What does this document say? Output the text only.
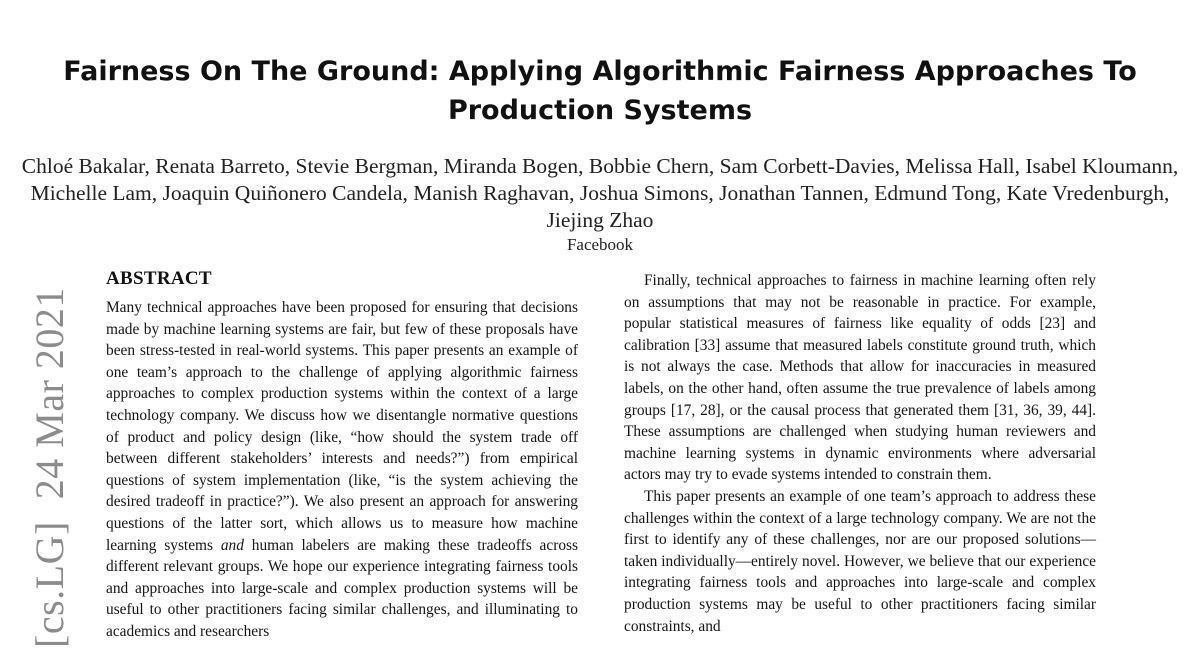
[cs.LG]24 Mar 2021
Fairness On The Ground: Applying Algorithmic Fairness Approaches To Production Systems

Chloé Bakalar, Renata Barreto, Stevie Bergman, Miranda Bogen, Bobbie Chern, Sam Corbett-Davies, Melissa Hall, Isabel Kloumann, Michelle Lam, Joaquin Quiñonero Candela, Manish Raghavan, Joshua Simons, Jonathan Tannen, Edmund Tong, Kate Vredenburgh, Jiejing Zhao

Facebook

ABSTRACT

Many technical approaches have been proposed for ensuring that decisions made by machine learning systems are fair, but few of these proposals have been stress-tested in real-world systems. This paper presents an example of one team’s approach to the challenge of applying algorithmic fairness approaches to complex production systems within the context of a large technology company. We discuss how we disentangle normative questions of product and policy design (like, “how should the system trade off between different stakeholders’ interests and needs?”) from empirical questions of system implementation (like, “is the system achieving the desired tradeoff in practice?”). We also present an approach for answering questions of the latter sort, which allows us to measure how machine learning systems and human labelers are making these tradeoffs across different relevant groups. We hope our experience integrating fairness tools and approaches into large-scale and complex production systems will be useful to other practitioners facing similar challenges, and illuminating to academics and researchers

Finally, technical approaches to fairness in machine learning often rely on assumptions that may not be reasonable in practice. For example, popular statistical measures of fairness like equality of odds [23] and calibration [33] assume that measured labels constitute ground truth, which is not always the case. Methods that allow for inaccuracies in measured labels, on the other hand, often assume the true prevalence of labels among groups [17, 28], or the causal process that generated them [31, 36, 39, 44]. These assumptions are challenged when studying human reviewers and machine learning systems in dynamic environments where adversarial actors may try to evade systems intended to constrain them.

This paper presents an example of one team’s approach to address these challenges within the context of a large technology company. We are not the first to identify any of these challenges, nor are our proposed solutions—taken individually—entirely novel. However, we believe that our experience integrating fairness tools and approaches into large-scale and complex production systems may be useful to other practitioners facing similar constraints, and
